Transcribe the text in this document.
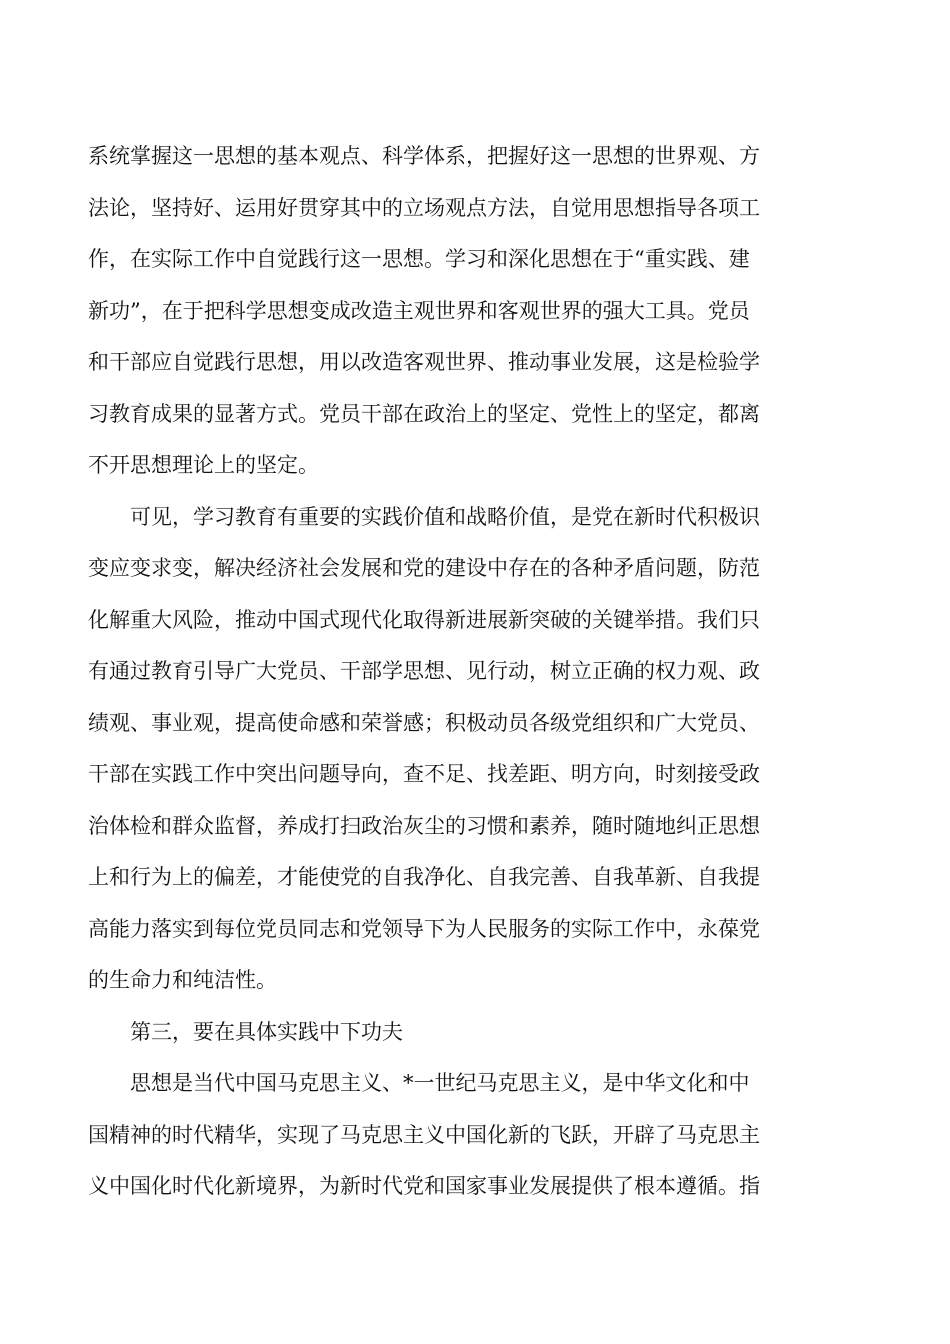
系统掌握这一思想的基本观点、科学体系，把握好这一思想的世界观、方
法论，坚持好、运用好贯穿其中的立场观点方法，自觉用思想指导各项工
作，在实际工作中自觉践行这一思想。学习和深化思想在于“重实践、建
新功”，在于把科学思想变成改造主观世界和客观世界的强大工具。党员
和干部应自觉践行思想，用以改造客观世界、推动事业发展，这是检验学
习教育成果的显著方式。党员干部在政治上的坚定、党性上的坚定，都离
不开思想理论上的坚定。

可见，学习教育有重要的实践价值和战略价值，是党在新时代积极识
变应变求变，解决经济社会发展和党的建设中存在的各种矛盾问题，防范
化解重大风险，推动中国式现代化取得新进展新突破的关键举措。我们只
有通过教育引导广大党员、干部学思想、见行动，树立正确的权力观、政
绩观、事业观，提高使命感和荣誉感；积极动员各级党组织和广大党员、
干部在实践工作中突出问题导向，查不足、找差距、明方向，时刻接受政
治体检和群众监督，养成打扫政治灰尘的习惯和素养，随时随地纠正思想
上和行为上的偏差，才能使党的自我净化、自我完善、自我革新、自我提
高能力落实到每位党员同志和党领导下为人民服务的实际工作中，永葆党
的生命力和纯洁性。

第三，要在具体实践中下功夫

思想是当代中国马克思主义、*一世纪马克思主义，是中华文化和中
国精神的时代精华，实现了马克思主义中国化新的飞跃，开辟了马克思主
义中国化时代化新境界，为新时代党和国家事业发展提供了根本遵循。指
